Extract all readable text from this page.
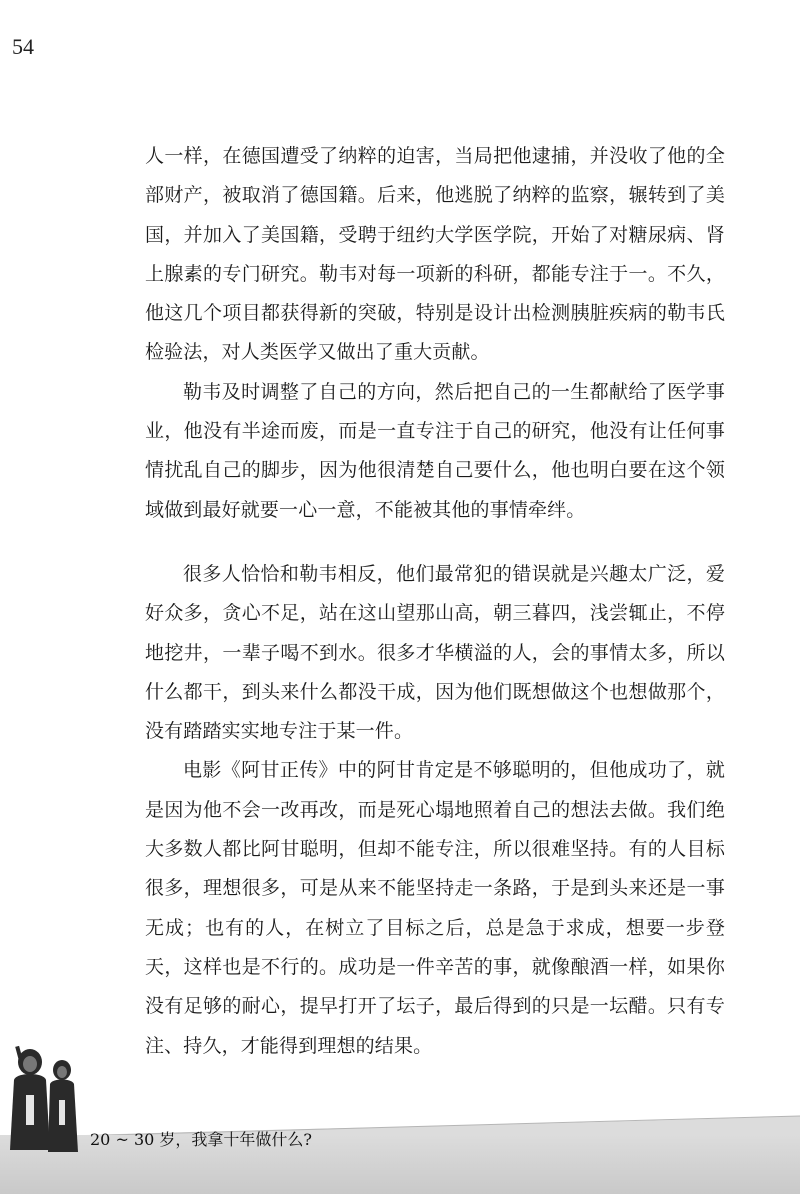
54

人一样，在德国遭受了纳粹的迫害，当局把他逮捕，并没收了他的全部财产，被取消了德国籍。后来，他逃脱了纳粹的监察，辗转到了美国，并加入了美国籍，受聘于纽约大学医学院，开始了对糖尿病、肾上腺素的专门研究。勒韦对每一项新的科研，都能专注于一。不久，他这几个项目都获得新的突破，特别是设计出检测胰脏疾病的勒韦氏检验法，对人类医学又做出了重大贡献。

勒韦及时调整了自己的方向，然后把自己的一生都献给了医学事业，他没有半途而废，而是一直专注于自己的研究，他没有让任何事情扰乱自己的脚步，因为他很清楚自己要什么，他也明白要在这个领域做到最好就要一心一意，不能被其他的事情牵绊。

很多人恰恰和勒韦相反，他们最常犯的错误就是兴趣太广泛，爱好众多，贪心不足，站在这山望那山高，朝三暮四，浅尝辄止，不停地挖井，一辈子喝不到水。很多才华横溢的人，会的事情太多，所以什么都干，到头来什么都没干成，因为他们既想做这个也想做那个，没有踏踏实实地专注于某一件。

电影《阿甘正传》中的阿甘肯定是不够聪明的，但他成功了，就是因为他不会一改再改，而是死心塌地照着自己的想法去做。我们绝大多数人都比阿甘聪明，但却不能专注，所以很难坚持。有的人目标很多，理想很多，可是从来不能坚持走一条路，于是到头来还是一事无成；也有的人，在树立了目标之后，总是急于求成，想要一步登天，这样也是不行的。成功是一件辛苦的事，就像酿酒一样，如果你没有足够的耐心，提早打开了坛子，最后得到的只是一坛醋。只有专注、持久，才能得到理想的结果。

20 ~ 30 岁，我拿十年做什么?
